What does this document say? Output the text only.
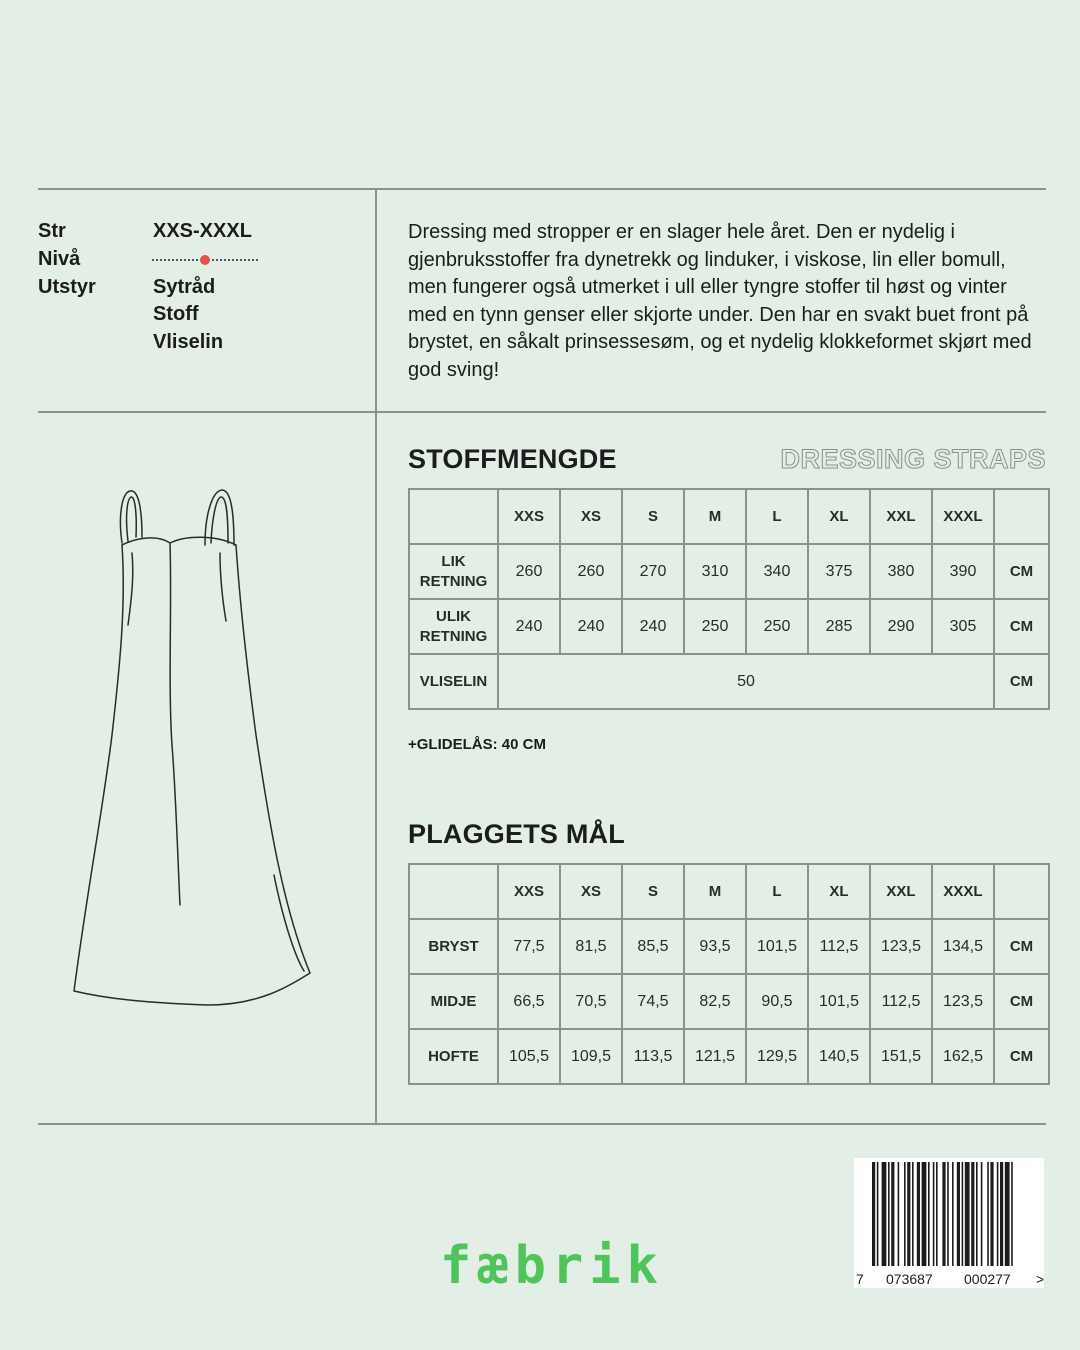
Str	XXS-XXXL
Nivå
Utstyr	Sytråd
Stoff
Vliselin
Dressing med stropper er en slager hele året. Den er nydelig i gjenbruksstoffer fra dynetrekk og linduker, i viskose, lin eller bomull, men fungerer også utmerket i ull eller tyngre stoffer til høst og vinter med en tynn genser eller skjorte under. Den har en svakt buet front på brystet, en såkalt prinsessesøm, og et nydelig klokkeformet skjørt med god sving!
STOFFMENGDE	DRESSING STRAPS
	XXS	XS	S	M	L	XL	XXL	XXXL	
LIK
RETNING	260	260	270	310	340	375	380	390	CM
ULIK
RETNING	240	240	240	250	250	285	290	305	CM
VLISELIN	50								CM
+GLIDELÅS: 40 CM
PLAGGETS MÅL
	XXS	XS	S	M	L	XL	XXL	XXXL	
BRYST	77,5	81,5	85,5	93,5	101,5	112,5	123,5	134,5	CM
MIDJE	66,5	70,5	74,5	82,5	90,5	101,5	112,5	123,5	CM
HOFTE	105,5	109,5	113,5	121,5	129,5	140,5	151,5	162,5	CM
fæbrik	7 073687 000277 >
